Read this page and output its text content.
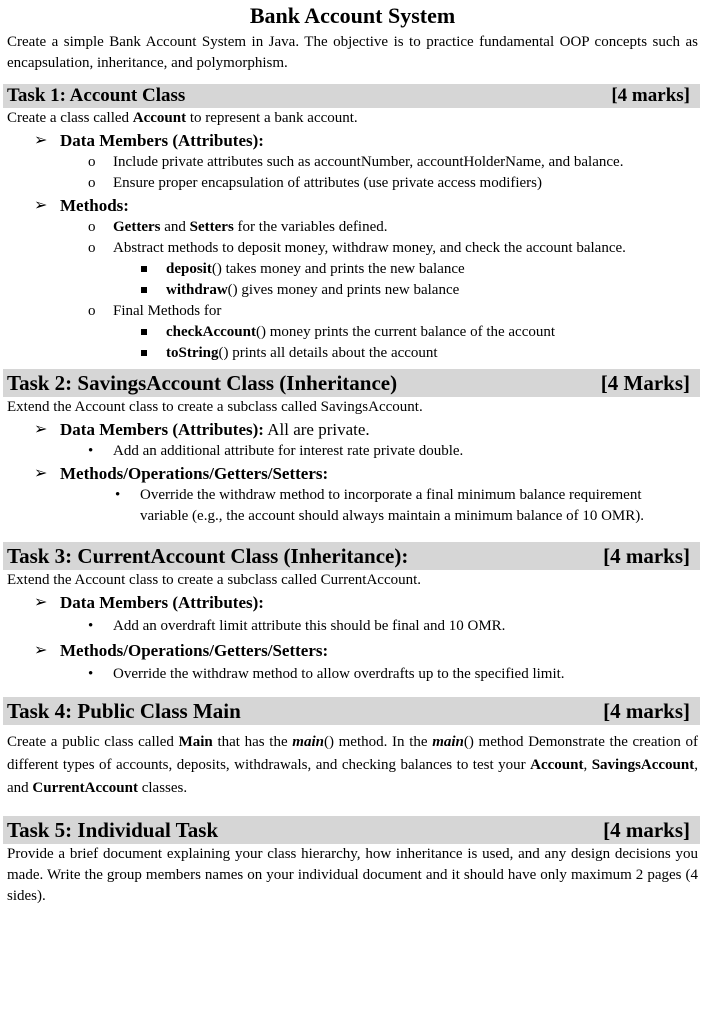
Bank Account System
Create a simple Bank Account System in Java. The objective is to practice fundamental OOP concepts such as encapsulation, inheritance, and polymorphism.
Task 1: Account Class	[4 marks]
Create a class called Account to represent a bank account.
➢ Data Members (Attributes):
o Include private attributes such as accountNumber, accountHolderName, and balance.
o Ensure proper encapsulation of attributes (use private access modifiers)
➢ Methods:
o Getters and Setters for the variables defined.
o Abstract methods to deposit money, withdraw money, and check the account balance.
deposit() takes money and prints the new balance
withdraw() gives money and prints new balance
o Final Methods for
checkAccount() money prints the current balance of the account
toString() prints all details about the account
Task 2: SavingsAccount Class (Inheritance)	[4 Marks]
Extend the Account class to create a subclass called SavingsAccount.
➢ Data Members (Attributes): All are private.
• Add an additional attribute for interest rate private double.
➢ Methods/Operations/Getters/Setters:
• Override the withdraw method to incorporate a final minimum balance requirement variable (e.g., the account should always maintain a minimum balance of 10 OMR).
Task 3: CurrentAccount Class (Inheritance):	[4 marks]
Extend the Account class to create a subclass called CurrentAccount.
➢ Data Members (Attributes):
• Add an overdraft limit attribute this should be final and 10 OMR.
➢ Methods/Operations/Getters/Setters:
• Override the withdraw method to allow overdrafts up to the specified limit.
Task 4: Public Class Main	[4 marks]
Create a public class called Main that has the main() method. In the main() method Demonstrate the creation of different types of accounts, deposits, withdrawals, and checking balances to test your Account, SavingsAccount, and CurrentAccount classes.
Task 5: Individual Task	[4 marks]
Provide a brief document explaining your class hierarchy, how inheritance is used, and any design decisions you made. Write the group members names on your individual document and it should have only maximum 2 pages (4 sides).
